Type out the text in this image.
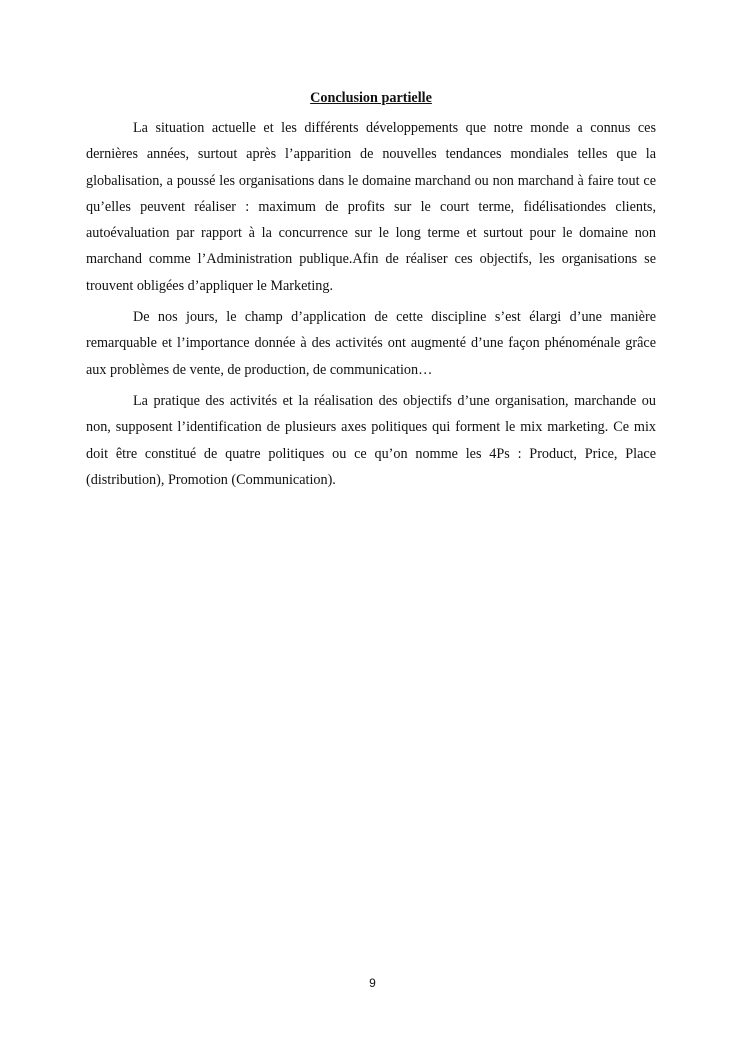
Conclusion partielle

La situation actuelle et les différents développements que notre monde a connus ces dernières années, surtout après l’apparition de nouvelles tendances mondiales telles que la globalisation, a poussé les organisations dans le domaine marchand ou non marchand à faire tout ce qu’elles peuvent réaliser : maximum de profits sur le court terme, fidélisationdes clients, autoévaluation par rapport à la concurrence sur le long terme et surtout pour le domaine non marchand comme l’Administration publique.Afin de réaliser ces objectifs, les organisations se trouvent obligées d’appliquer le Marketing.

De nos jours, le champ d’application de cette discipline s’est élargi d’une manière remarquable et l’importance donnée à des activités ont augmenté d’une façon phénoménale grâce aux problèmes de vente, de production, de communication…

La pratique des activités et la réalisation des objectifs d’une organisation, marchande ou non, supposent l’identification de plusieurs axes politiques qui forment le mix marketing. Ce mix doit être constitué de quatre politiques ou ce qu’on nomme les 4Ps : Product, Price, Place (distribution), Promotion (Communication).

9
